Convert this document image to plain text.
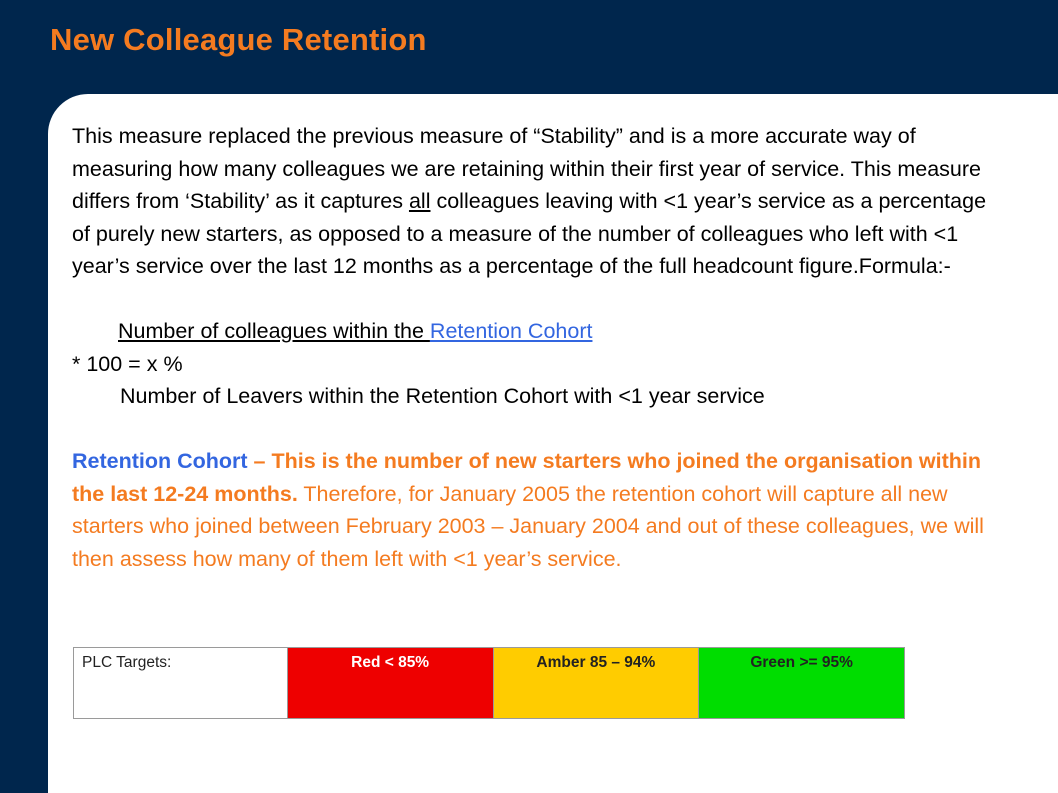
New Colleague Retention

This measure replaced the previous measure of “Stability” and is a more accurate way of measuring how many colleagues we are retaining within their first year of service. This measure differs from ‘Stability’ as it captures all colleagues leaving with <1 year’s service as a percentage of purely new starters, as opposed to a measure of the number of colleagues who left with <1 year’s service over the last 12 months as a percentage of the full headcount figure.Formula:-

Number of colleagues within the Retention Cohort

* 100 = x %

Number of Leavers within the Retention Cohort with <1 year service

Retention Cohort – This is the number of new starters who joined the organisation within the last 12-24 months. Therefore, for January 2005 the retention cohort will capture all new starters who joined between February 2003 – January 2004 and out of these colleagues, we will then assess how many of them left with <1 year’s service.

PLC Targets:	Red < 85%	Amber 85 – 94%	Green >= 95%
